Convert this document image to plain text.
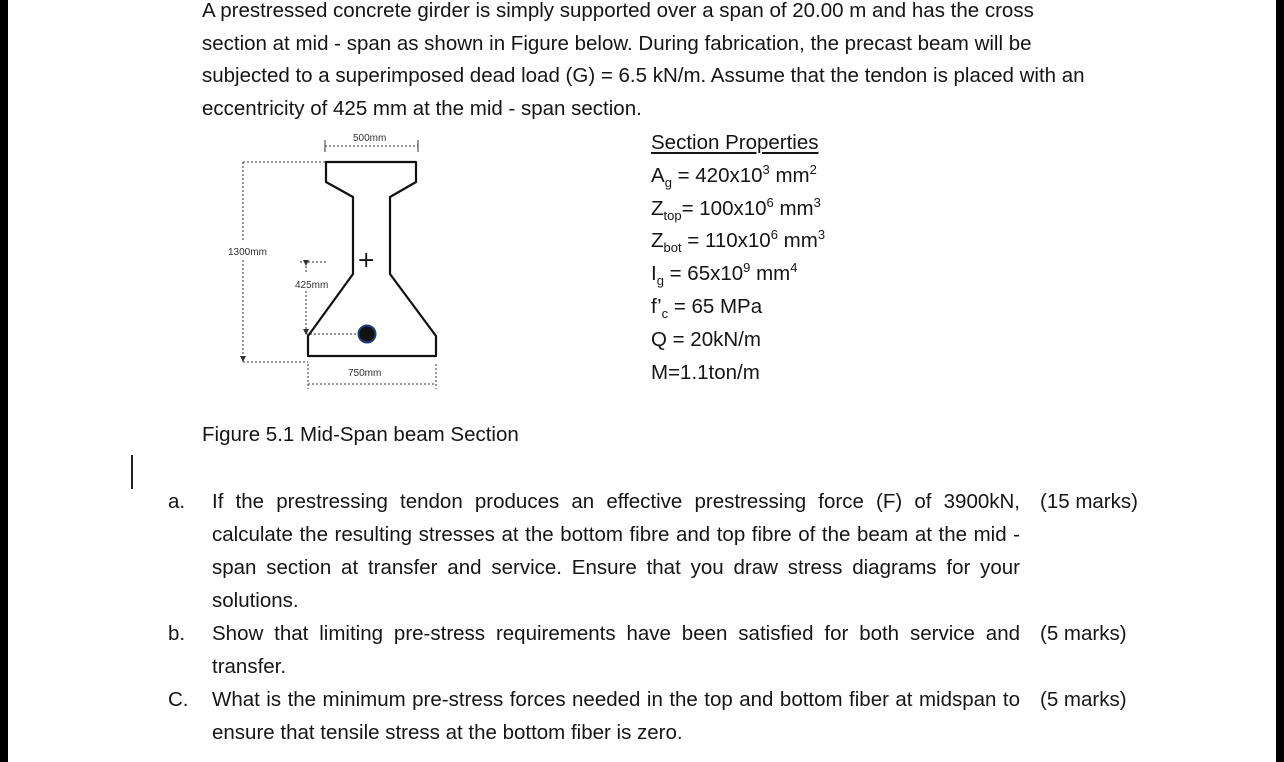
A prestressed concrete girder is simply supported over a span of 20.00 m and has the cross section at mid - span as shown in Figure below. During fabrication, the precast beam will be subjected to a superimposed dead load (G) = 6.5 kN/m. Assume that the tendon is placed with an eccentricity of 425 mm at the mid - span section.

500mm
1300mm
425mm
+
750mm
Section Properties
$A_g = 420x10^3$ $mm^2$
$Z_{top}= 100x10^6$ $mm^3$
$Z_{bot} = 110x10^6$ $mm^3$
$I_g = 65x10^9$ $mm^4$
$f’_c = 65$ MPa
Q = 20kN/m
M=1.1ton/m

Figure 5.1 Mid-Span beam Section

a.	If the prestressing tendon produces an effective prestressing force (F) of 3900kN, calculate the resulting stresses at the bottom fibre and top fibre of the beam at the mid - span section at transfer and service. Ensure that you draw stress diagrams for your solutions.
(15 marks)
b.	Show that limiting pre-stress requirements have been satisfied for both service and transfer.
(5 marks)
C.	What is the minimum pre-stress forces needed in the top and bottom fiber at midspan to ensure that tensile stress at the bottom fiber is zero.
(5 marks)
